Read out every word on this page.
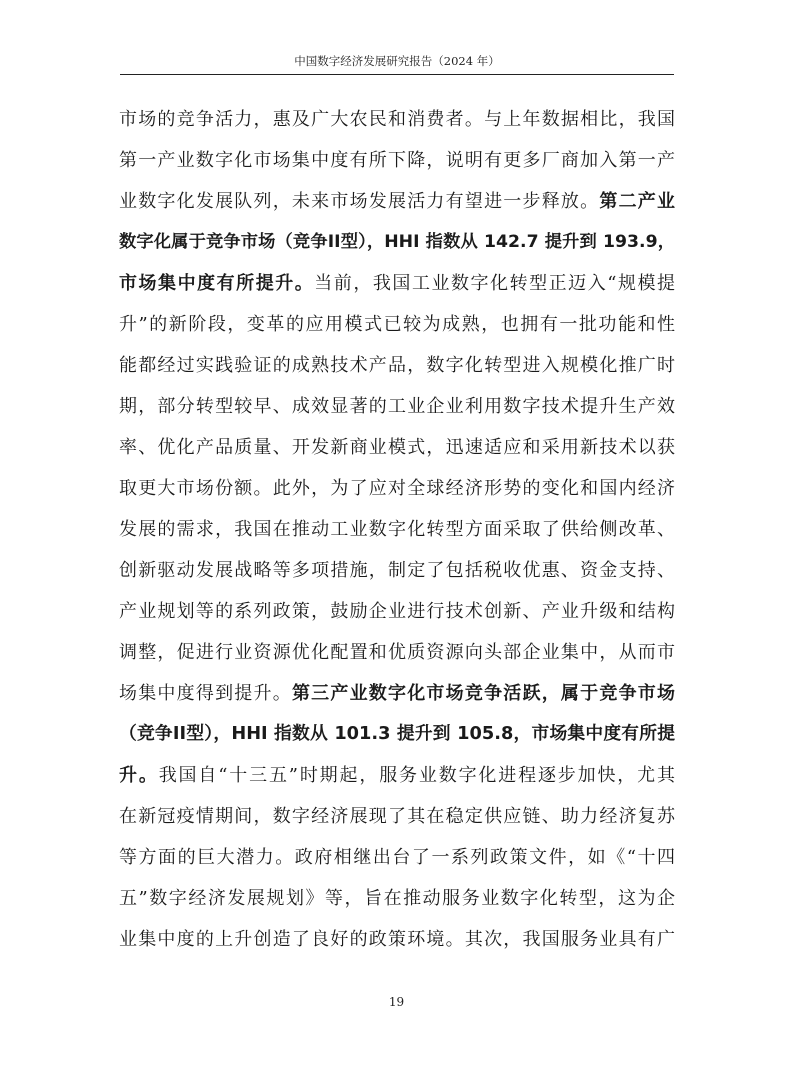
中国数字经济发展研究报告（2024 年）
市场的竞争活力，惠及广大农民和消费者。与上年数据相比，我国
第一产业数字化市场集中度有所下降，说明有更多厂商加入第一产
业数字化发展队列，未来市场发展活力有望进一步释放。第二产业
数字化属于竞争市场（竞争II型），HHI 指数从 142.7 提升到 193.9，
市场集中度有所提升。当前，我国工业数字化转型正迈入“规模提
升”的新阶段，变革的应用模式已较为成熟，也拥有一批功能和性
能都经过实践验证的成熟技术产品，数字化转型进入规模化推广时
期，部分转型较早、成效显著的工业企业利用数字技术提升生产效
率、优化产品质量、开发新商业模式，迅速适应和采用新技术以获
取更大市场份额。此外，为了应对全球经济形势的变化和国内经济
发展的需求，我国在推动工业数字化转型方面采取了供给侧改革、
创新驱动发展战略等多项措施，制定了包括税收优惠、资金支持、
产业规划等的系列政策，鼓励企业进行技术创新、产业升级和结构
调整，促进行业资源优化配置和优质资源向头部企业集中，从而市
场集中度得到提升。第三产业数字化市场竞争活跃，属于竞争市场
（竞争II型），HHI 指数从 101.3 提升到 105.8，市场集中度有所提
升。我国自“十三五”时期起，服务业数字化进程逐步加快，尤其
在新冠疫情期间，数字经济展现了其在稳定供应链、助力经济复苏
等方面的巨大潜力。政府相继出台了一系列政策文件，如《“十四
五”数字经济发展规划》等，旨在推动服务业数字化转型，这为企
业集中度的上升创造了良好的政策环境。其次，我国服务业具有广
19
